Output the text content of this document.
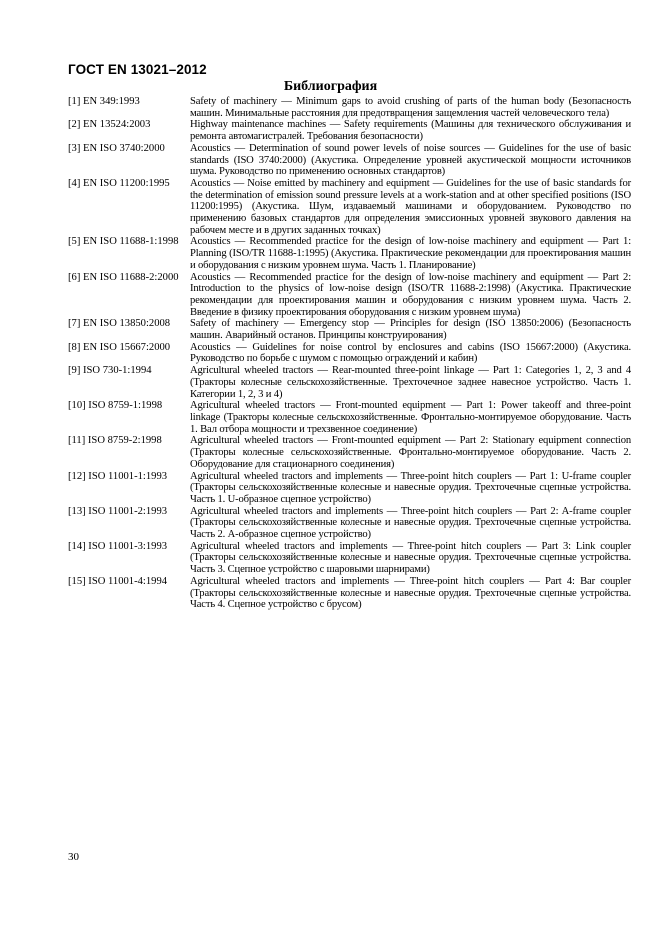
ГОСТ EN 13021–2012
Библиография
[1] EN 349:1993	Safety of machinery — Minimum gaps to avoid crushing of parts of the human body (Безопасность машин. Минимальные расстояния для предотвращения защемления частей человеческого тела)
[2] EN 13524:2003	Highway maintenance machines — Safety requirements (Машины для технического обслуживания и ремонта автомагистралей. Требования безопасности)
[3] EN ISO 3740:2000	Acoustics — Determination of sound power levels of noise sources — Guidelines for the use of basic standards (ISO 3740:2000) (Акустика. Определение уровней акустической мощности источников шума. Руководство по применению основных стандартов)
[4] EN ISO 11200:1995	Acoustics — Noise emitted by machinery and equipment — Guidelines for the use of basic standards for the determination of emission sound pressure levels at a work-station and at other specified positions (ISO 11200:1995) (Акустика. Шум, издаваемый машинами и оборудованием. Руководство по применению базовых стандартов для определения эмиссионных уровней звукового давления на рабочем месте и в других заданных точках)
[5] EN ISO 11688-1:1998	Acoustics — Recommended practice for the design of low-noise machinery and equipment — Part 1: Planning (ISO/TR 11688-1:1995) (Акустика. Практические рекомендации для проектирования машин и оборудования с низким уровнем шума. Часть 1. Планирование)
[6] EN ISO 11688-2:2000	Acoustics — Recommended practice for the design of low-noise machinery and equipment — Part 2: Introduction to the physics of low-noise design (ISO/TR 11688-2:1998) (Акустика. Практические рекомендации для проектирования машин и оборудования с низким уровнем шума. Часть 2. Введение в физику проектирования оборудования с низким уровнем шума)
[7] EN ISO 13850:2008	Safety of machinery — Emergency stop — Principles for design (ISO 13850:2006) (Безопасность машин. Аварийный останов. Принципы конструирования)
[8] EN ISO 15667:2000	Acoustics — Guidelines for noise control by enclosures and cabins (ISO 15667:2000) (Акустика. Руководство по борьбе с шумом с помощью ограждений и кабин)
[9] ISO 730-1:1994	Agricultural wheeled tractors — Rear-mounted three-point linkage — Part 1: Categories 1, 2, 3 and 4 (Тракторы колесные сельскохозяйственные. Трехточечное заднее навесное устройство. Часть 1. Категории 1, 2, 3 и 4)
[10] ISO 8759-1:1998	Agricultural wheeled tractors — Front-mounted equipment — Part 1: Power takeoff and three-point linkage (Тракторы колесные сельскохозяйственные. Фронтально-монтируемое оборудование. Часть 1. Вал отбора мощности и трехзвенное соединение)
[11] ISO 8759-2:1998	Agricultural wheeled tractors — Front-mounted equipment — Part 2: Stationary equipment connection (Тракторы колесные сельскохозяйственные. Фронтально-монтируемое оборудование. Часть 2. Оборудование для стационарного соединения)
[12] ISO 11001-1:1993	Agricultural wheeled tractors and implements — Three-point hitch couplers — Part 1: U-frame coupler (Тракторы сельскохозяйственные колесные и навесные орудия. Трехточечные сцепные устройства. Часть 1. U-образное сцепное устройство)
[13] ISO 11001-2:1993	Agricultural wheeled tractors and implements — Three-point hitch couplers — Part 2: A-frame coupler (Тракторы сельскохозяйственные колесные и навесные орудия. Трехточечные сцепные устройства. Часть 2. A-образное сцепное устройство)
[14] ISO 11001-3:1993	Agricultural wheeled tractors and implements — Three-point hitch couplers — Part 3: Link coupler (Тракторы сельскохозяйственные колесные и навесные орудия. Трехточечные сцепные устройства. Часть 3. Сцепное устройство с шаровыми шарнирами)
[15] ISO 11001-4:1994	Agricultural wheeled tractors and implements — Three-point hitch couplers — Part 4: Bar coupler (Тракторы сельскохозяйственные колесные и навесные орудия. Трехточечные сцепные устройства. Часть 4. Сцепное устройство с брусом)
30
